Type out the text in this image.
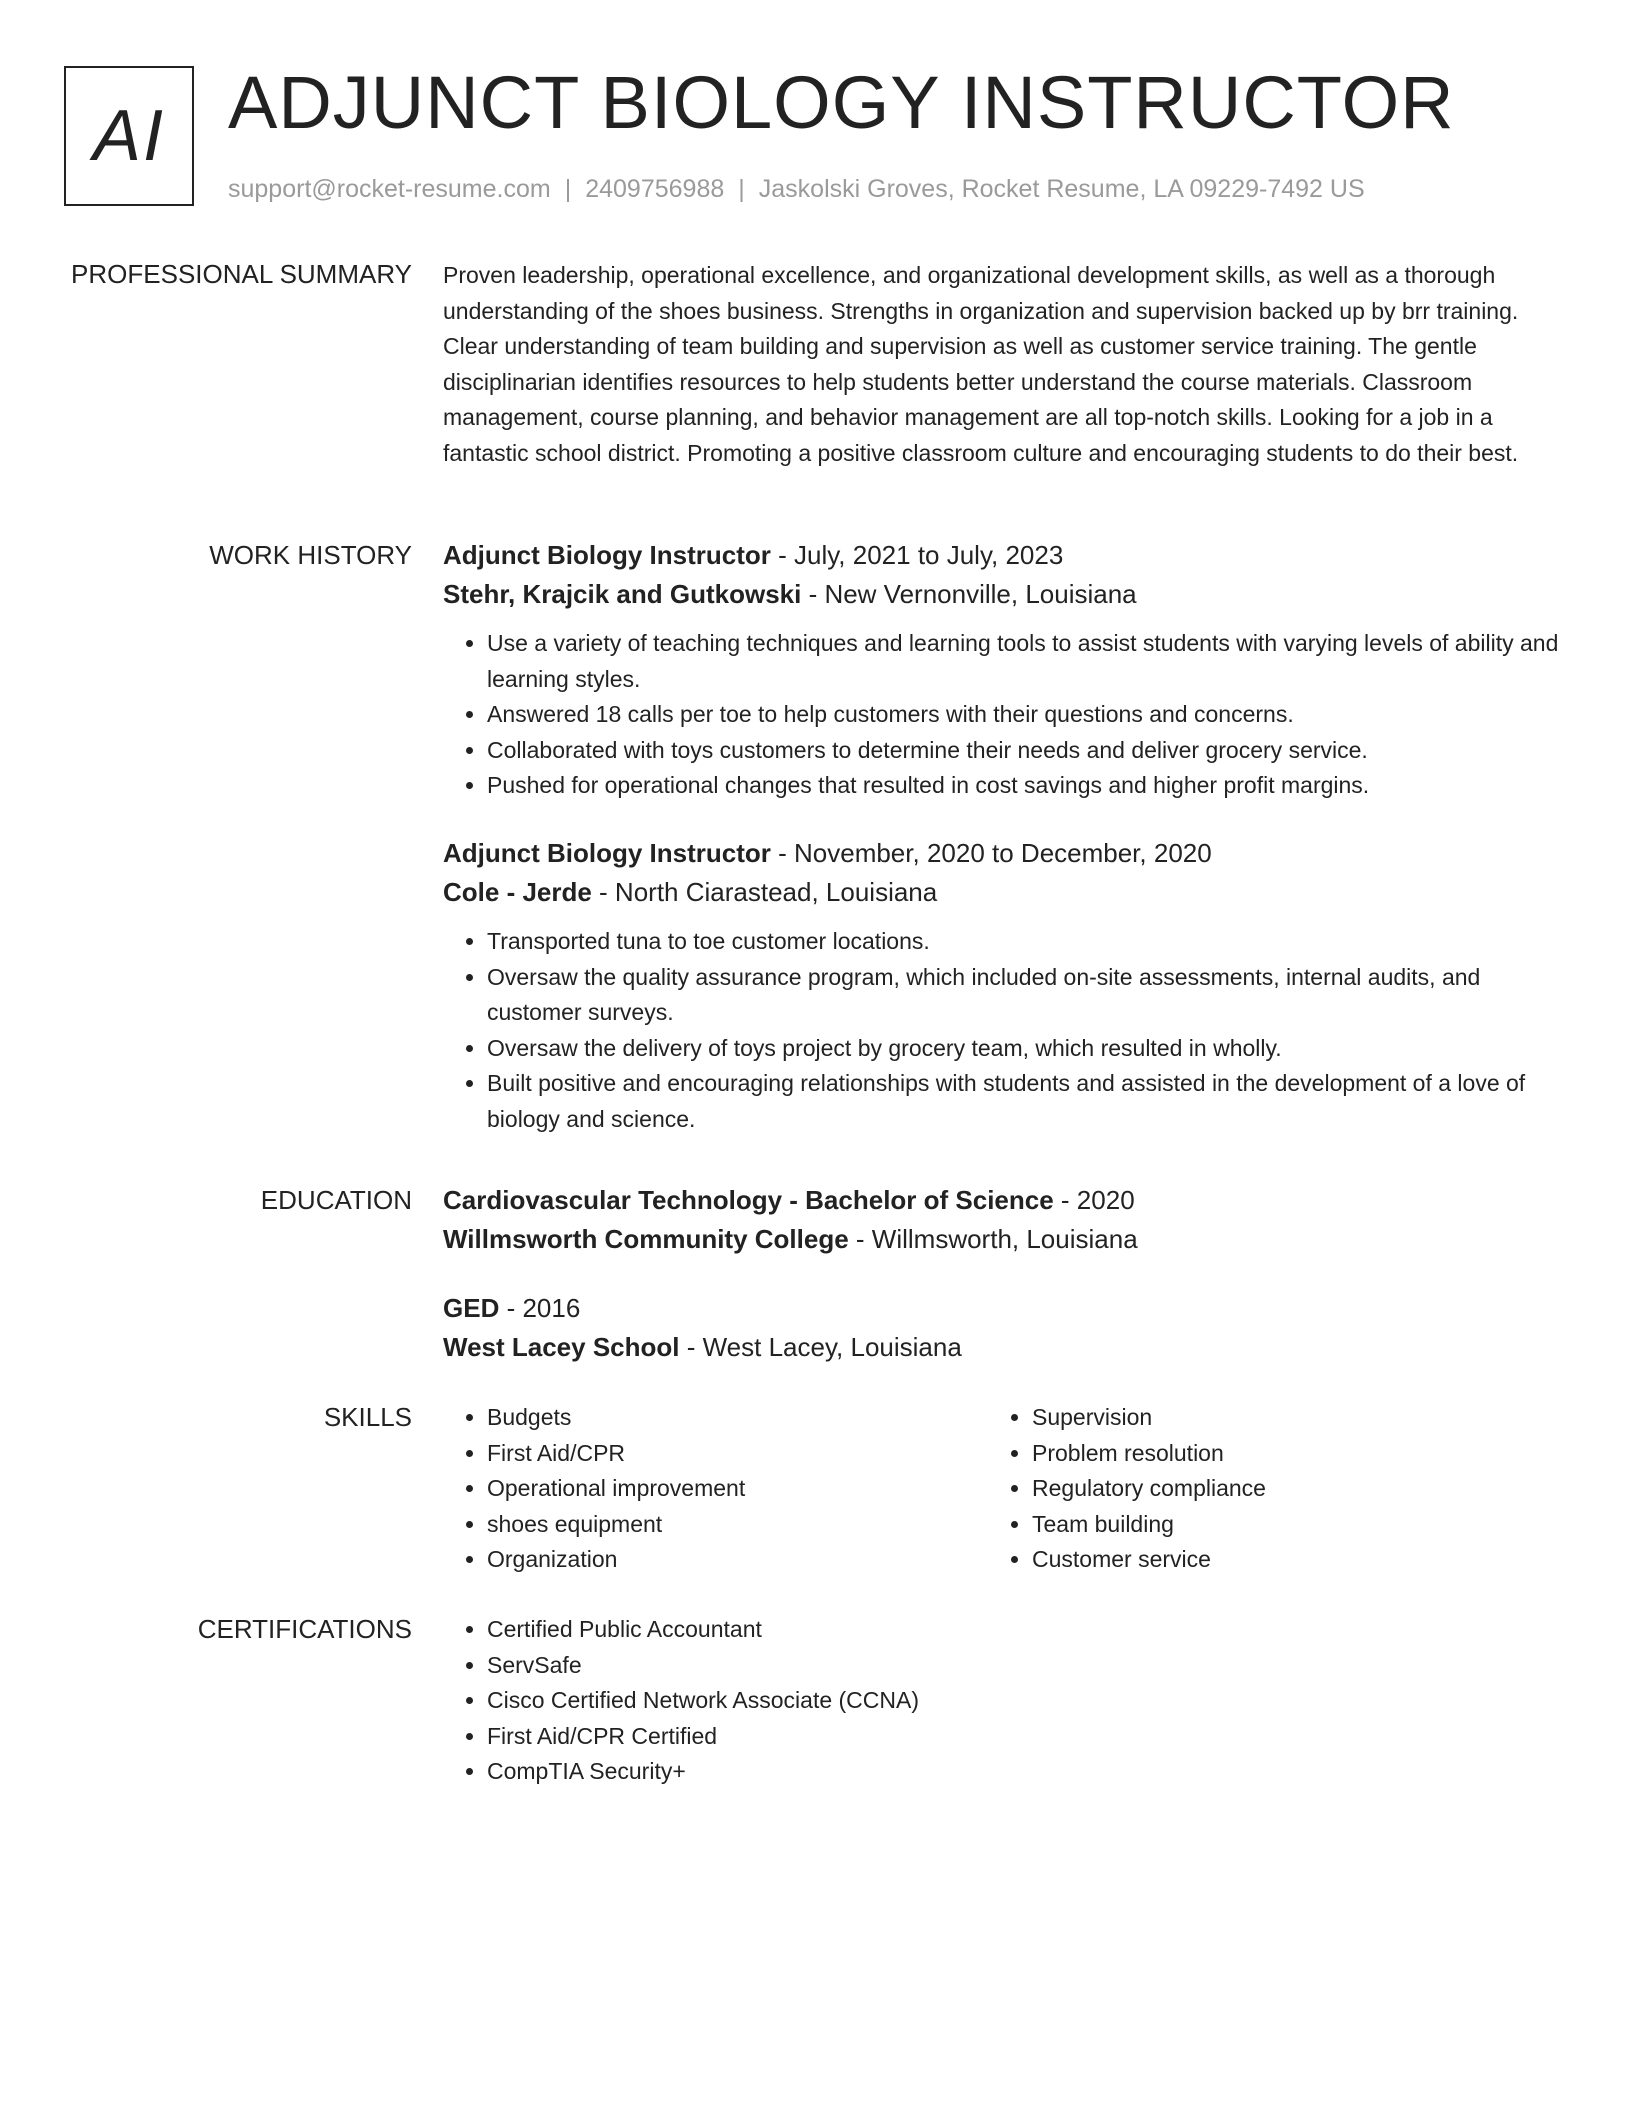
AI ADJUNCT BIOLOGY INSTRUCTOR
support@rocket-resume.com | 2409756988 | Jaskolski Groves, Rocket Resume, LA 09229-7492 US
PROFESSIONAL SUMMARY Proven leadership, operational excellence, and organizational development skills, as well as a thorough understanding of the shoes business. Strengths in organization and supervision backed up by brr training. Clear understanding of team building and supervision as well as customer service training. The gentle disciplinarian identifies resources to help students better understand the course materials. Classroom management, course planning, and behavior management are all top-notch skills. Looking for a job in a fantastic school district. Promoting a positive classroom culture and encouraging students to do their best.

WORK HISTORY Adjunct Biology Instructor - July, 2021 to July, 2023

Stehr, Krajcik and Gutkowski - New Vernonville, Louisiana

• Use a variety of teaching techniques and learning tools to assist students with varying levels of ability and learning styles.
• Answered 18 calls per toe to help customers with their questions and concerns.
• Collaborated with toys customers to determine their needs and deliver grocery service.
• Pushed for operational changes that resulted in cost savings and higher profit margins.

Adjunct Biology Instructor - November, 2020 to December, 2020

Cole - Jerde - North Ciarastead, Louisiana

• Transported tuna to toe customer locations.
• Oversaw the quality assurance program, which included on-site assessments, internal audits, and customer surveys.
• Oversaw the delivery of toys project by grocery team, which resulted in wholly.
• Built positive and encouraging relationships with students and assisted in the development of a love of biology and science.
EDUCATION Cardiovascular Technology - Bachelor of Science - 2020

Willmsworth Community College - Willmsworth, Louisiana

GED - 2016

West Lacey School - West Lacey, Louisiana

SKILLS	• Budgets
• First Aid/CPR
• Operational improvement
• shoes equipment
• Organization
• Supervision
• Problem resolution
• Regulatory compliance
• Team building
• Customer service
CERTIFICATIONS	• Certified Public Accountant
• ServSafe
• Cisco Certified Network Associate (CCNA)
• First Aid/CPR Certified
• CompTIA Security+
